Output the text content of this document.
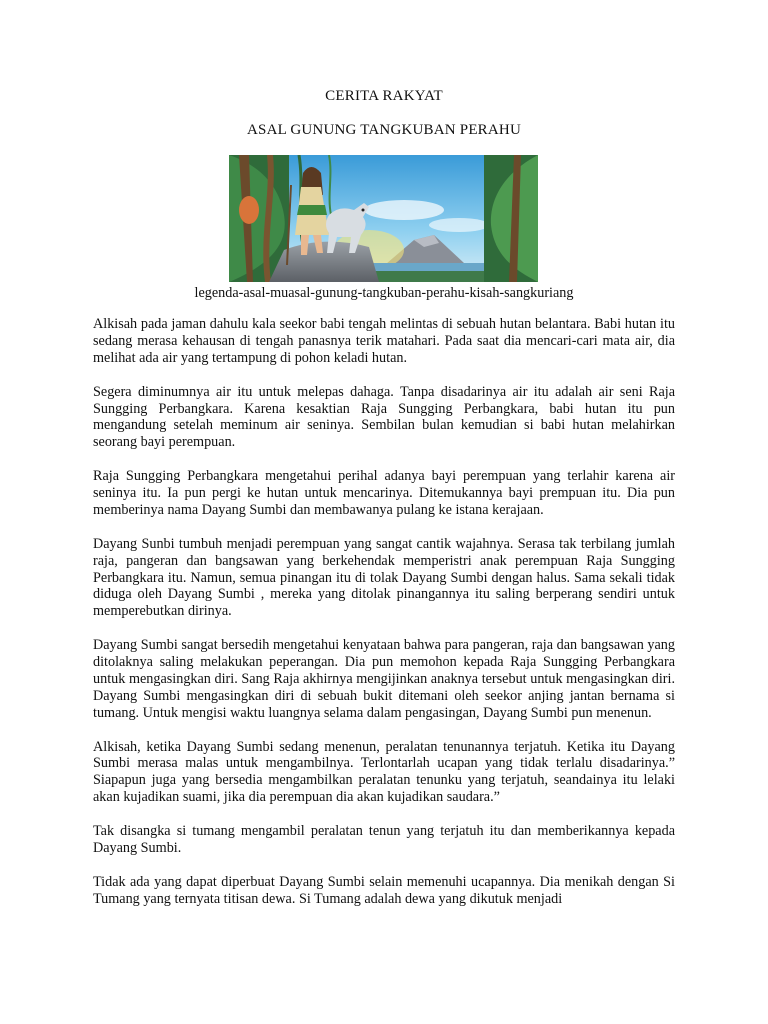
CERITA RAKYAT
ASAL GUNUNG TANGKUBAN PERAHU
legenda-asal-muasal-gunung-tangkuban-perahu-kisah-sangkuriang

Alkisah pada jaman dahulu kala seekor babi tengah melintas di sebuah hutan belantara. Babi hutan itu sedang merasa kehausan di tengah panasnya terik matahari. Pada saat dia mencari-cari mata air, dia melihat ada air yang tertampung di pohon keladi hutan.

Segera diminumnya air itu untuk melepas dahaga. Tanpa disadarinya air itu adalah air seni Raja Sungging Perbangkara. Karena kesaktian Raja Sungging Perbangkara, babi hutan itu pun mengandung setelah meminum air seninya. Sembilan bulan kemudian si babi hutan melahirkan seorang bayi perempuan.

Raja Sungging Perbangkara mengetahui perihal adanya bayi perempuan yang terlahir karena air seninya itu. Ia pun pergi ke hutan untuk mencarinya. Ditemukannya bayi prempuan itu. Dia pun memberinya nama Dayang Sumbi dan membawanya pulang ke istana kerajaan.

Dayang Sunbi tumbuh menjadi perempuan yang sangat cantik wajahnya. Serasa tak terbilang jumlah raja, pangeran dan bangsawan yang berkehendak memperistri anak perempuan Raja Sungging Perbangkara itu. Namun, semua pinangan itu di tolak Dayang Sumbi dengan halus. Sama sekali tidak diduga oleh Dayang Sumbi , mereka yang ditolak pinangannya itu saling berperang sendiri untuk memperebutkan dirinya.

Dayang Sumbi sangat bersedih mengetahui kenyataan bahwa para pangeran, raja dan bangsawan yang ditolaknya saling melakukan peperangan. Dia pun memohon kepada Raja Sungging Perbangkara untuk mengasingkan diri. Sang Raja akhirnya mengijinkan anaknya tersebut untuk mengasingkan diri. Dayang Sumbi mengasingkan diri di sebuah bukit ditemani oleh seekor anjing jantan bernama si tumang. Untuk mengisi waktu luangnya selama dalam pengasingan, Dayang Sumbi pun menenun.

Alkisah, ketika Dayang Sumbi sedang menenun, peralatan tenunannya terjatuh. Ketika itu Dayang Sumbi merasa malas untuk mengambilnya. Terlontarlah ucapan yang tidak terlalu disadarinya.” Siapapun juga yang bersedia mengambilkan peralatan tenunku yang terjatuh, seandainya itu lelaki akan kujadikan suami, jika dia perempuan dia akan kujadikan saudara.”

Tak disangka si tumang mengambil peralatan tenun yang terjatuh itu dan memberikannya kepada Dayang Sumbi.

Tidak ada yang dapat diperbuat Dayang Sumbi selain memenuhi ucapannya. Dia menikah dengan Si Tumang yang ternyata titisan dewa. Si Tumang adalah dewa yang dikutuk menjadi
